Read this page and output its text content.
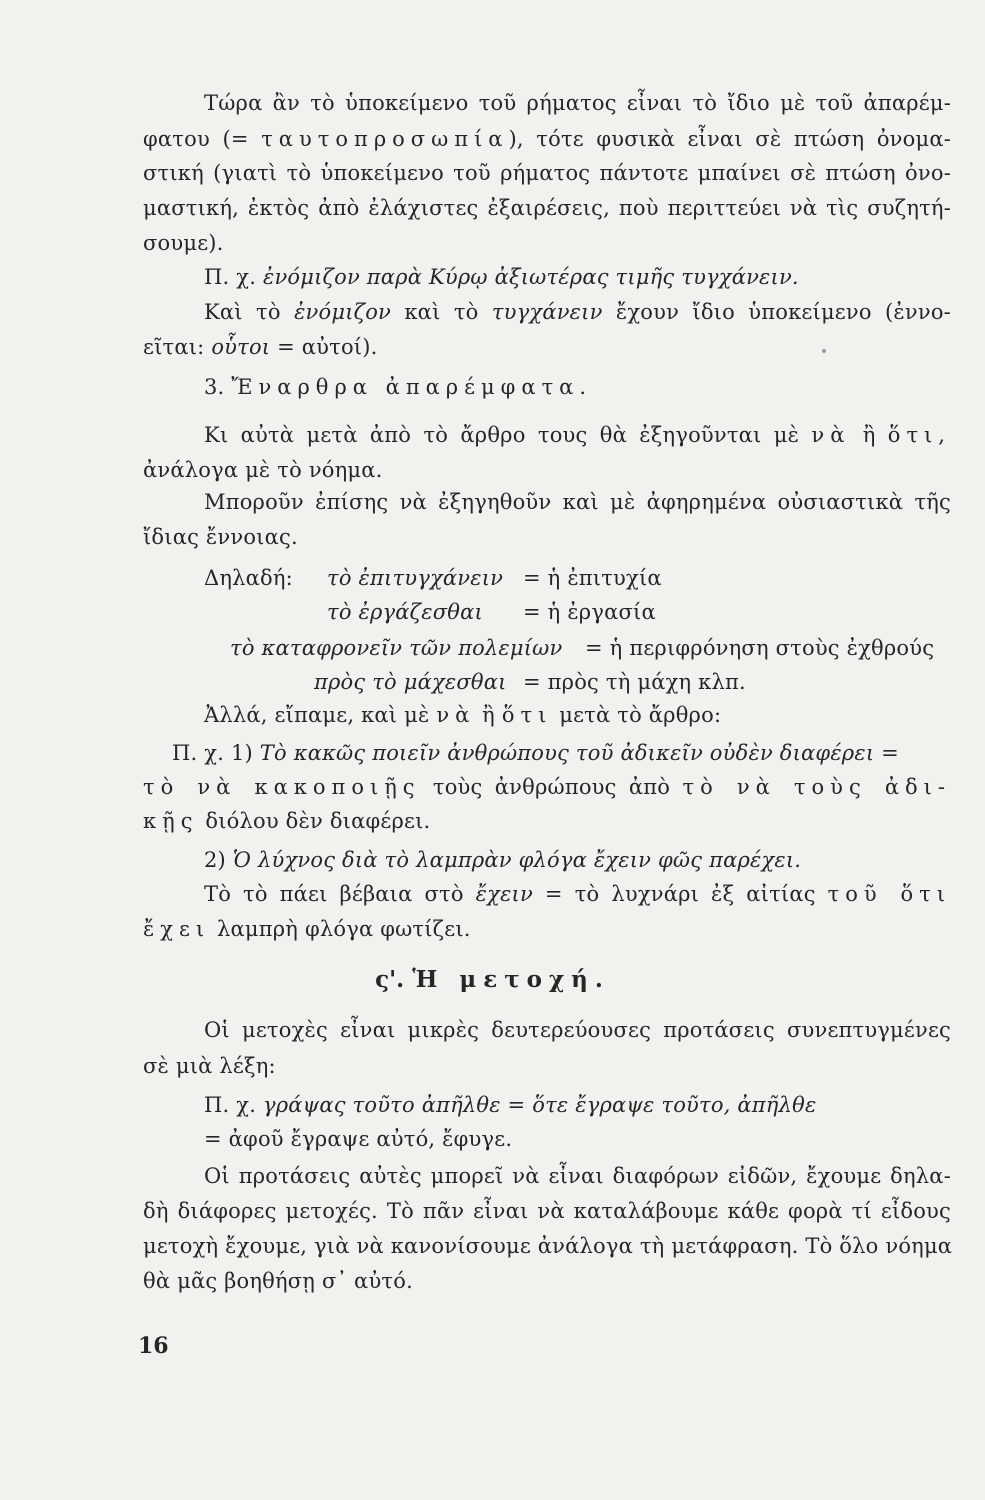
Τώρα ἂν τὸ ὑποκείμενο τοῦ ρήματος εἶναι τὸ ἴδιο μὲ τοῦ ἀπαρέμ-
φατου (= ταυτοπροσωπία), τότε φυσικὰ εἶναι σὲ πτώση ὀνομα-
στική (γιατὶ τὸ ὑποκείμενο τοῦ ρήματος πάντοτε μπαίνει σὲ πτώση ὀνο-
μαστική, ἐκτὸς ἀπὸ ἐλάχιστες ἐξαιρέσεις, ποὺ περιττεύει νὰ τὶς συζητή-
σουμε).
Π. χ. ἐνόμιζον παρὰ Κύρῳ ἀξιωτέρας τιμῆς τυγχάνειν.
Καὶ τὸ ἐνόμιζον καὶ τὸ τυγχάνειν ἔχουν ἴδιο ὑποκείμενο (ἐννο-
εῖται: οὗτοι = αὐτοί).
3. Ἔναρθρα ἀπαρέμφατα.
Κι αὐτὰ μετὰ ἀπὸ τὸ ἄρθρο τους θὰ ἐξηγοῦνται μὲ νὰ ἢ ὅτι,
ἀνάλογα μὲ τὸ νόημα.
Μποροῦν ἐπίσης νὰ ἐξηγηθοῦν καὶ μὲ ἀφηρημένα οὐσιαστικὰ τῆς
ἴδιας ἔννοιας.
Δηλαδή: τὸ ἐπιτυγχάνειν = ἡ ἐπιτυχία
τὸ ἐργάζεσθαι = ἡ ἐργασία
τὸ καταφρονεῖν τῶν πολεμίων = ἡ περιφρόνηση στοὺς ἐχθρούς
πρὸς τὸ μάχεσθαι = πρὸς τὴ μάχη κλπ.
Ἀλλά, εἴπαμε, καὶ μὲ νὰ ἢ ὅτι μετὰ τὸ ἄρθρο:
Π. χ. 1) Τὸ κακῶς ποιεῖν ἀνθρώπους τοῦ ἀδικεῖν οὐδὲν διαφέρει =
τὸ νὰ κακοποιῇς τοὺς ἀνθρώπους ἀπὸ τὸ νὰ τοὺς ἀδι-
κῇς διόλου δὲν διαφέρει.
2) Ὁ λύχνος διὰ τὸ λαμπρὰν φλόγα ἔχειν φῶς παρέχει.
Τὸ τὸ πάει βέβαια στὸ ἔχειν = τὸ λυχνάρι ἐξ αἰτίας τοῦ ὅτι
ἔχει λαμπρὴ φλόγα φωτίζει.
ς'. Ἡ μετοχή.
Οἱ μετοχὲς εἶναι μικρὲς δευτερεύουσες προτάσεις συνεπτυγμένες
σὲ μιὰ λέξη:
Π. χ. γράψας τοῦτο ἀπῆλθε = ὅτε ἔγραψε τοῦτο, ἀπῆλθε
= ἀφοῦ ἔγραψε αὐτό, ἔφυγε.
Οἱ προτάσεις αὐτὲς μπορεῖ νὰ εἶναι διαφόρων εἰδῶν, ἔχουμε δηλα-
δὴ διάφορες μετοχές. Τὸ πᾶν εἶναι νὰ καταλάβουμε κάθε φορὰ τί εἶδους
μετοχὴ ἔχουμε, γιὰ νὰ κανονίσουμε ἀνάλογα τὴ μετάφραση. Τὸ ὅλο νόημα
θὰ μᾶς βοηθήσῃ σ᾽ αὐτό.
16
